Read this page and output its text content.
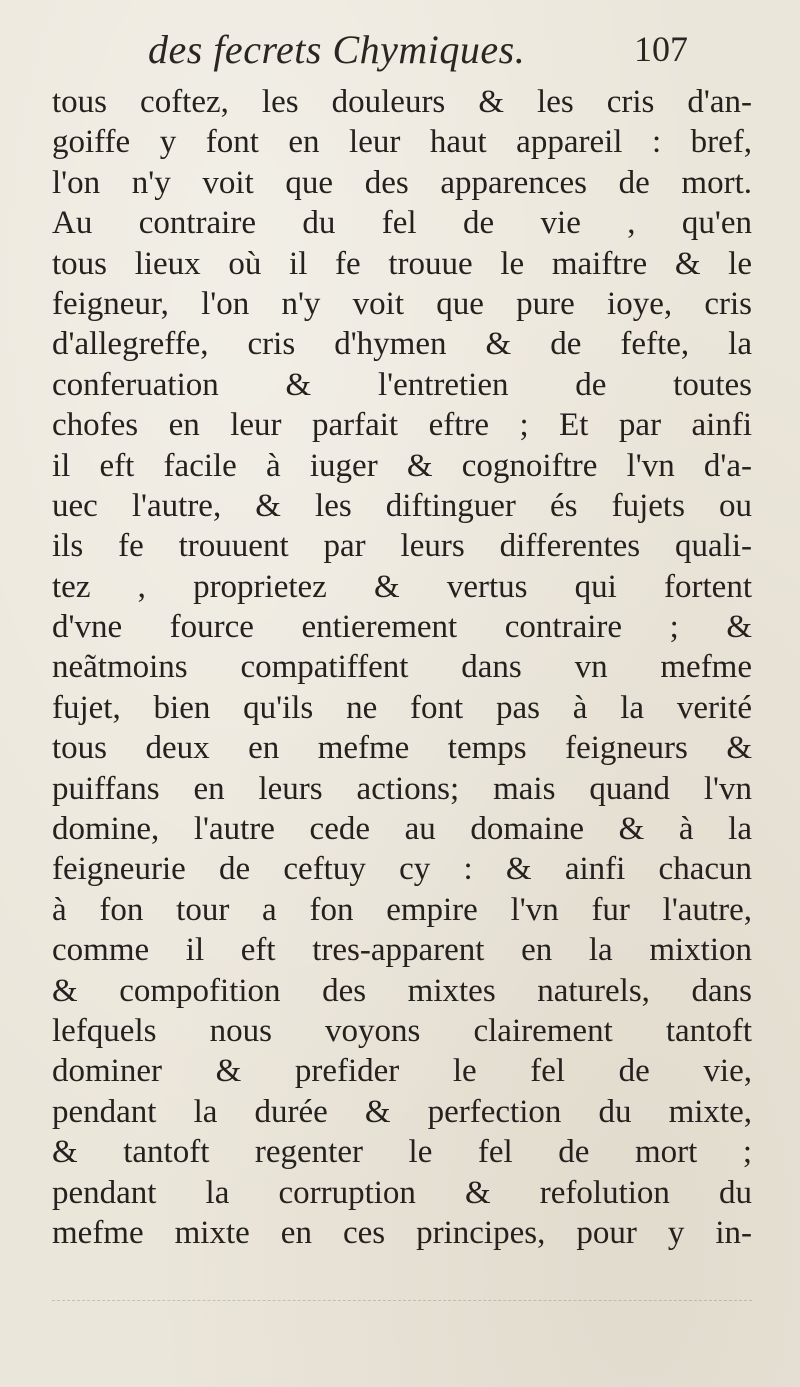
des fecrets Chymiques.	107
tous coftez, les douleurs & les cris d'an-
goiffe y font en leur haut appareil : bref,
l'on n'y voit que des apparences de mort.
Au contraire du fel de vie , qu'en
tous lieux où il fe trouue le maiftre & le
feigneur, l'on n'y voit que pure ioye, cris
d'allegreffe, cris d'hymen & de fefte, la
conferuation & l'entretien de toutes
chofes en leur parfait eftre ; Et par ainfi
il eft facile à iuger & cognoiftre l'vn d'a-
uec l'autre, & les diftinguer és fujets ou
ils fe trouuent par leurs differentes quali-
tez , proprietez & vertus qui fortent
d'vne fource entierement contraire ; &
neãtmoins compatiffent dans vn mefme
fujet, bien qu'ils ne font pas à la verité
tous deux en mefme temps feigneurs &
puiffans en leurs actions; mais quand l'vn
domine, l'autre cede au domaine & à la
feigneurie de ceftuy cy : & ainfi chacun
à fon tour a fon empire l'vn fur l'autre,
comme il eft tres-apparent en la mixtion
& compofition des mixtes naturels, dans
lefquels nous voyons clairement tantoft
dominer & prefider le fel de vie,
pendant la durée & perfection du mixte,
& tantoft regenter le fel de mort ;
pendant la corruption & refolution du
mefme mixte en ces principes, pour y in-
